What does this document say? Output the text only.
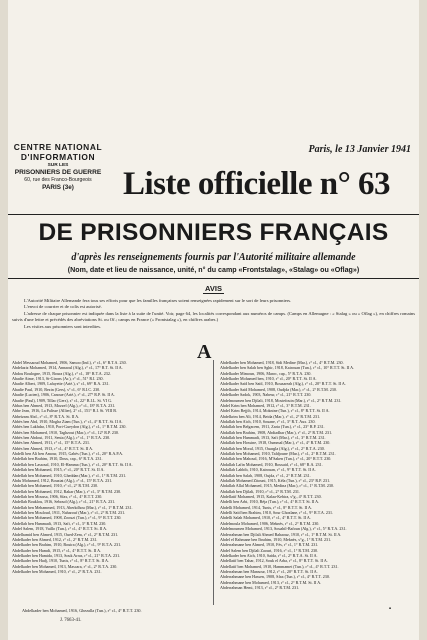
CENTRE NATIONAL
D'INFORMATION
SUR LES
PRISONNIERS DE GUERRE
60, rue des Franco-Bourgeois
PARIS (3e)
Paris, le 13 Janvier 1941
Liste officielle n° 63
DE PRISONNIERS FRANÇAIS
d'après les renseignements fournis par l'Autorité militaire allemande
(Nom, date et lieu de naissance, unité, n° du camp «Frontstalag», «Stalag» ou «Oflag»)
AVIS

L'Autorité Militaire Allemande fera tous ses efforts pour que les familles françaises soient renseignées rapidement sur le sort de leurs prisonniers.

L'envoi de courrier et de colis est autorisé.

L'adresse de chaque prisonnier est indiquée dans la liste à la suite de l'unité. Voir, page 64, les localités correspondant aux numéros de camps. (Camps en Allemagne : « Stalag » ou « Oflag »), en chiffres romains suivis d'une lettre et précédés des abréviations St. ou Of.; camps en France (« Frontstalag »), en chiffres arabes.)

Les visites aux prisonniers sont interdites.

A
Abdel Messaoud Mohamed, 1906, Samoo (Ind.), r° cl., 6° R.T.A. 230.
Abdelaziz Mohamed, 1914, Annaoul (Alg.), r° cl., 17° R.T. St. II A.
Abdou Boulogne, 1915, Boura (Alg.), r° cl., 18° R.T.A. 232.
Abadie Aime, 1913, St-Girons (Ar.), r° cl., 51° R.I. 230.
Abadie Albert, 1909, Lafayette (Ariè.), s° cl., 69° R.A. 231.
Abadie Paul, 1910, Bezin (Gers), s° cl., 6° R.I.C. 230.
Abadie (Lucien), 1906, Canoue (Ariè.), r° cl., 27° R.P. St. II A.
Abadie (Paul), 1909, Tillac (Gers), s° cl., 22° B.I.L. St. VI G.
Abbas ben Ahmed, 1913, Mozzel (Alg.), r° cl., 18° R.T.A. 231.
Abbe Jean, 1916, La Palisse (Allier), 2° cl., 151° R.I. St. VIII B.
Abbeïzam Abd., r° cl., 8° R.T.A. St. II A.
Abbès ben Abd, 1910, Mogha Ziam (Tun.), r° cl., 4° R.T.T. St. II A.
Abbès ben Lakhdar, 1910, Port-Gueydon (Alg.), r° cl., 1° R.T.M. 230.
Abbès ben Mohamed, 1910, Taghzout (Mar.), r° cl., 12° R.P. 230.
Abbès ben Abdoui, 1911, Senia (Alg.), r° cl., 1° R.T.A. 230.
Abbès ben Ahmed, 1911, r° cl., 15° R.T.A. 231.
Abbès ben Ahmed, 1913, r° cl., 4° R.T.T. St. II A.
Abdelli ben Ali ben Amour, 1915, Gabès (Tun.), r° cl., 20° R.A.P.A.
Abdellah ben Brahim, 1910, Dous, cap., 6° R.T.A. 231.
Abdellah ben Lassoud, 1910, El-Hamma (Tun.), r° cl., 20° R.T.T. St. II A.
Abdellah ben Mohamed, 1915, r° cl., 20° R.T.T. St. II A.
Abdellah ben Mohamed, 1910, Gheddan (Mar.), r° cl., 1° R.T.M. 231.
Abdu Mohamed, 1912, Bouziat (Alg.), r° cl., 15° R.T.A. 231.
Abdellah ben Mohamed, 1910, r° cl., 2° R.T.M. 230.
Abdellah ben Mohamed, 1912, Rakar (Mar.), r° cl., 3° R.T.M. 230.
Abdellah ben Moussa, 1906, Sfax, r° cl., 4° R.T.T. 230.
Abdellah Bouklou, 1916, Seboud (Alg.), r° cl., 21° R.T.A. 231.
Abdellah ben Mehammed, 1913, Aberkdhou (Mar.), r° cl., 1° R.T.M. 231.
Abdellah ben Mouloud, 1911, Naharouf (Mar.), r° cl., 2° R.T.M. 231.
Abdellah ben Mohamed, 1908, Zoouzi (Tun.), r° cl., 9° R.T.T. 230.
Abdellah ben Hammadi, 1913, Safi, r° cl., 3° R.T.M. 230.
Abdel Salem, 1918, Vaillo (Tun.), r° cl., 4° R.T.T. St. II A.
Abdelhamid ben Ahmed, 1915, Oued-Zem, r° cl., 2° R.T.M. 231.
Abdelkader ben Ahmed, 1912, r° cl., 2° R.T.M. 231.
Abdelkader ben Brahim, 1910, Bouira (Alg.), r° cl., 9° R.T.A. 231.
Abdelkader ben Hamdi, 1915, r° cl., 4° R.T.T. St. II A.
Abdelkader ben Hamida, 1913, Souk Arras, r° cl., 21° R.T.A. 231.
Abdelkader ben Hadj, 1910, Tunis, r° cl., 8° R.T.T. St. II A.
Abdelkader ben Mohamed, 1913, Mascara, r° cl., 2° R.T.A. 230.
Abdelkader ben Mohamed, 1910, r° cl., 2° R.T.A. 231.
Abdelkader ben Mohamed, 1918, Sidi Medine (Mar.), r° cl., 4° R.T.M. 230.
Abdelkader ben Salah ben Sghir, 1918, Kairouan (Tun.), r° cl., 10° R.T.T. St. II A.
Abdelkader Mimoun, 1906, Maroc, cap., 5° R.T.A. 230.
Abdelkader Mohamed ben, 1910, r° cl., 20° R.T.T. St. II A.
Abdelkader Saïd ben Saïd, 1910, Bouzareah (Alg.), r° cl., 20° R.T.T. St. II A.
Abdelkader Saïd Mohamed, 1908, Oudjda (Mar.), r° cl., 2° R.T.M. 230.
Abdelkader Sadok, 1903, Nabeur, r° cl., 21° R.T.T. 230.
Abdelmoumen ben Djilali, 1918, Mostefouin (Mar.), r° cl., 2° R.T.M. 231.
Abdel Krim ben Mohamed, 1912, r° cl., 3° R.T.M. 231.
Abdel Krim Bejjih, 1914, Moknine (Tun.), r° cl., 8° R.T.T. St. II A.
Abdelkrim ben Ali, 1914, Beida (Mar.), r° cl., 2° R.T.M. 231.
Abdallah ben Aïch, 1910, Souane, r° cl., 3° R.T. Aux. 230.
Abdallah ben Belgacem, 1911, Zaria (Tun.), r° cl., 23° R.P. 231.
Abdallah ben Brahim, 1908, Abdiadhar (Mar.), r° cl., 2° R.T.M. 231.
Abdallah ben Hammadi, 1913, Safi (Mar.), r° cl., 3° R.T.M. 231.
Abdallah ben Hossine, 1918, Oummal (Mar.), r° cl., 4° R.T.M. 230.
Abdallah ben Moral, 1915, Ouargla (Alg.), r° cl., 2° R.T.A. 230.
Abdallah ben Mohamed, 1910, Taldjoune (Mar.), r° cl., 2° R.T.M. 231.
Abdallah ben Mahoud, 1916, M'Saken (Tun.), r° cl., 20° R.T.T. 230.
Abdallah Lafin Mohamed, 1910, Bousaid, r° cl., 68° R.A. 231.
Abdallah Lahbib, 1910, Kairouan, r° cl., 9° R.T.T. St. II A.
Abdallah ben Salah, 1908, Oujda, r° cl., 2° R.T.M. 231.
Abdallah Mohamed Zitouni, 1915, Kéla (Tun.), r° cl., 23° R.P. 231.
Abdallah Allal Mohamed, 1915, Medina (Mar.), r° cl., 1° R.T.M. 230.
Abdallah ben Djilali, 1910, r° cl., 2° R.T.M. 231.
Abdellatif Mohamed, 1915, Kalaa-Kebira, s°g., 4° R.T.T. 230.
Abdelli ben Arbi, 1910, Béja (Tun.), r° cl., 4° R.T.T. St. II A.
Abdelli Mohamed, 1914, Tunis, r° cl., 8° R.T.T. St. II A.
Abdelli Saïd ben Brahim, 1910, Sour Ghozlane, r° cl., 9° R.T.A. 231.
Abdelli Salah Mohamed, 1910, r° cl., 4° R.T.T. St. II A.
Abdelmoula Mohamed, 1906, Meknès, r° cl., 2° R.T.M. 230.
Abdelmoumen Mohamed, 1913, Souahil-Bafoun (Alg.), r° cl., 5° R.T.A. 231.
Abderrahman ben Djilali Ahmed Bahaouz, 1910, r° cl., 1° R.T.M. St. II A.
Abdel el Rahmane ben Ibrahim, 1910, Meknès, s°g., 1° R.T.M. 231.
Abderrahmane ben Ahmed, 1910, Fès, r° cl., 1° R.T.M. 231.
Abdel Salem ben Djilali Zaouri, 1916, r° cl., 1° R.T.M. 230.
Abdelkader ben Aïch, 1910, Saïda, r° cl., 2° R.T.A. St. II A.
Abdellatif ben Tahar, 1912, Souk el Arba, r° cl., 8° R.T.T. St. II A.
Abdellatif ben Mohamed, 1910, Hammamet (Tun.), r° cl., 4° R.T.T. 231.
Abderrahman ben Mansour, 1912, r° cl., 20° R.T.T. St. II A.
Abderrahmane ben Hassen, 1908, Sfax (Tun.), r° cl., 4° R.T.T. 230.
Abderrahmane ben Mohamed, 1913, r° cl., 2° R.T.M. St. II A.
Abderrahman Hemi, 1913, r° cl., 2° R.T.M. 231.
Abdelkader ben Mohamed, 1916, Ghezalla (Tun.), r° cl., 4° R.T.T. 230.
J. 7663-41.
▪
